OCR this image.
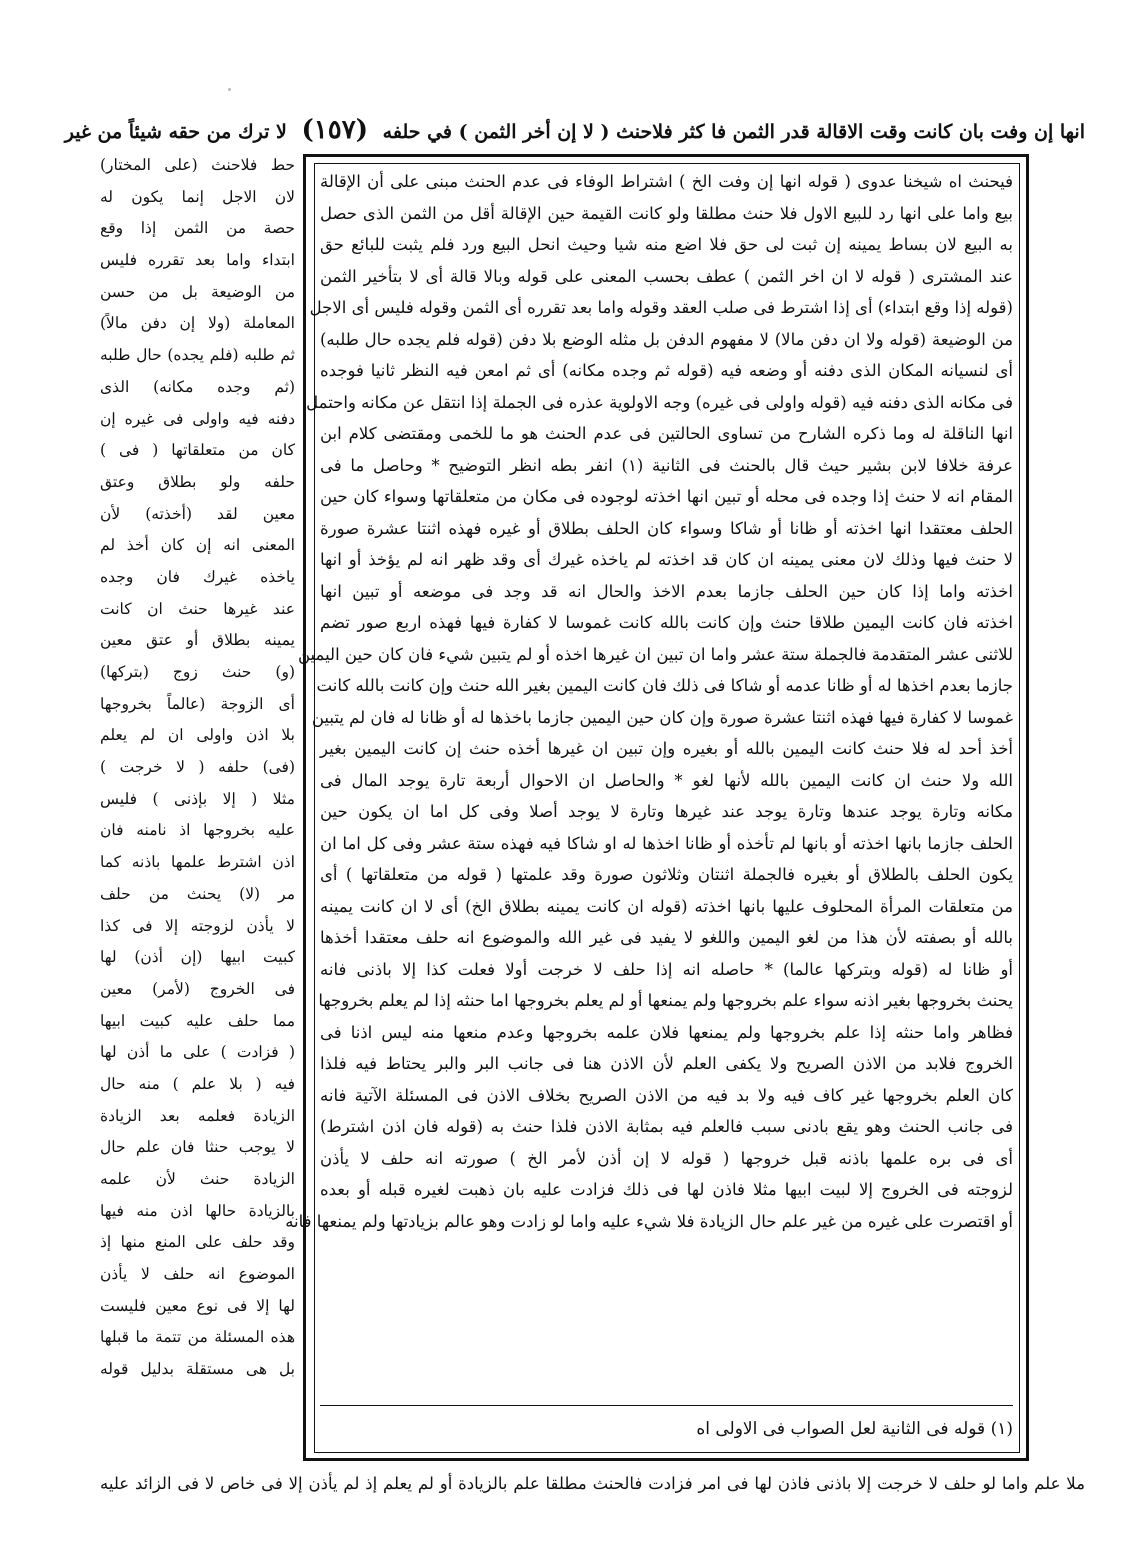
انها إن وفت بان كانت وقت الاقالة قدر الثمن فا كثر فلاحنث ( لا إن أخر الثمن ) في حلفه (١٥٧) لا ترك من حقه شيئاً من غير
فيحنث اه شيخنا عدوى ( قوله انها إن وفت الخ ) اشتراط الوفاء فى عدم الحنث مبنى على أن الإقالة
بيع واما على انها رد للبيع الاول فلا حنث مطلقا ولو كانت القيمة حين الإقالة أقل من الثمن الذى حصل
به البيع لان بساط يمينه إن ثبت لى حق فلا اضع منه شيا وحيث انحل البيع ورد فلم يثبت للبائع حق
عند المشترى ( قوله لا ان اخر الثمن ) عطف بحسب المعنى على قوله وبالا قالة أى لا بتأخير الثمن
(قوله إذا وقع ابتداء) أى إذا اشترط فى صلب العقد وقوله واما بعد تقرره أى الثمن وقوله فليس أى الاجل
من الوضيعة (قوله ولا ان دفن مالا) لا مفهوم الدفن بل مثله الوضع بلا دفن (قوله فلم يجده حال طلبه)
أى لنسيانه المكان الذى دفنه أو وضعه فيه (قوله ثم وجده مكانه) أى ثم امعن فيه النظر ثانيا فوجده
فى مكانه الذى دفنه فيه (قوله واولى فى غيره) وجه الاولوية عذره فى الجملة إذا انتقل عن مكانه واحتمل
انها الناقلة له وما ذكره الشارح من تساوى الحالتين فى عدم الحنث هو ما للخمى ومقتضى كلام ابن
عرفة خلافا لابن بشير حيث قال بالحنث فى الثانية (١) انفر بطه انظر التوضيح * وحاصل ما فى
المقام انه لا حنث إذا وجده فى محله أو تبين انها اخذته لوجوده فى مكان من متعلقاتها وسواء كان حين
الحلف معتقدا انها اخذته أو ظانا أو شاكا وسواء كان الحلف بطلاق أو غيره فهذه اثنتا عشرة صورة
لا حنث فيها وذلك لان معنى يمينه ان كان قد اخذته لم ياخذه غيرك أى وقد ظهر انه لم يؤخذ أو انها
اخذته واما إذا كان حين الحلف جازما بعدم الاخذ والحال انه قد وجد فى موضعه أو تبين انها
اخذته فان كانت اليمين طلاقا حنث وإن كانت بالله كانت غموسا لا كفارة فيها فهذه اربع صور تضم
للاثنى عشر المتقدمة فالجملة ستة عشر واما ان تبين ان غيرها اخذه أو لم يتبين شيء فان كان حين اليمين
جازما بعدم اخذها له أو ظانا عدمه أو شاكا فى ذلك فان كانت اليمين بغير الله حنث وإن كانت بالله كانت
غموسا لا كفارة فيها فهذه اثنتا عشرة صورة وإن كان حين اليمين جازما باخذها له أو ظانا له فان لم يتبين
أخذ أحد له فلا حنث كانت اليمين بالله أو بغيره وإن تبين ان غيرها أخذه حنث إن كانت اليمين بغير
الله ولا حنث ان كانت اليمين بالله لأنها لغو * والحاصل ان الاحوال أربعة تارة يوجد المال فى
مكانه وتارة يوجد عندها وتارة يوجد عند غيرها وتارة لا يوجد أصلا وفى كل اما ان يكون حين
الحلف جازما بانها اخذته أو بانها لم تأخذه أو ظانا اخذها له او شاكا فيه فهذه ستة عشر وفى كل اما ان
يكون الحلف بالطلاق أو بغيره فالجملة اثنتان وثلاثون صورة وقد علمتها ( قوله من متعلقاتها ) أى
من متعلقات المرأة المحلوف عليها بانها اخذته (قوله ان كانت يمينه بطلاق الخ) أى لا ان كانت يمينه
بالله أو بصفته لأن هذا من لغو اليمين واللغو لا يفيد فى غير الله والموضوع انه حلف معتقدا أخذها
أو ظانا له (قوله وبتركها عالما) * حاصله انه إذا حلف لا خرجت أولا فعلت كذا إلا باذنى فانه
يحنث بخروجها بغير اذنه سواء علم بخروجها ولم يمنعها أو لم يعلم بخروجها اما حنثه إذا لم يعلم بخروجها
فظاهر واما حنثه إذا علم بخروجها ولم يمنعها فلان علمه بخروجها وعدم منعها منه ليس اذنا فى
الخروج فلابد من الاذن الصريح ولا يكفى العلم لأن الاذن هنا فى جانب البر والبر يحتاط فيه فلذا
كان العلم بخروجها غير كاف فيه ولا بد فيه من الاذن الصريح بخلاف الاذن فى المسئلة الآتية فانه
فى جانب الحنث وهو يقع بادنى سبب فالعلم فيه بمثابة الاذن فلذا حنث به (قوله فان اذن اشترط)
أى فى بره علمها باذنه قبل خروجها ( قوله لا إن أذن لأمر الخ ) صورته انه حلف لا يأذن
لزوجته فى الخروج إلا لبيت ابيها مثلا فاذن لها فى ذلك فزادت عليه بان ذهبت لغيره قبله أو بعده
أو اقتصرت على غيره من غير علم حال الزيادة فلا شيء عليه واما لو زادت وهو عالم بزيادتها ولم يمنعها فانه
(١) قوله فى الثانية لعل الصواب فى الاولى اه
حط فلاحنث (على المختار)
لان الاجل إنما يكون له
حصة من الثمن إذا وقع
ابتداء واما بعد تقرره فليس
من الوضيعة بل من حسن
المعاملة (ولا إن دفن مالاً)
ثم طلبه (فلم يجده) حال طلبه
(ثم وجده مكانه) الذى
دفنه فيه واولى فى غيره إن
كان من متعلقاتها ( فى )
حلفه ولو بطلاق وعتق
معين لقد (أخذته) لأن
المعنى انه إن كان أخذ لم
ياخذه غيرك فان وجده
عند غيرها حنث ان كانت
يمينه بطلاق أو عتق معين
(و) حنث زوج (بتركها)
أى الزوجة (عالماً بخروجها
بلا اذن واولى ان لم يعلم
(فى) حلفه ( لا خرجت )
مثلا ( إلا بإذنى ) فليس
عليه بخروجها اذ نامنه فان
اذن اشترط علمها باذنه كما
مر (لا) يحنث من حلف
لا يأذن لزوجته إلا فى كذا
كبيت ابيها (إن أذن) لها
فى الخروج (لأمر) معين
مما حلف عليه كبيت ابيها
( فزادت ) على ما أذن لها
فيه ( بلا علم ) منه حال
الزيادة فعلمه بعد الزيادة
لا يوجب حنثا فان علم حال
الزيادة حنث لأن علمه
بالزيادة حالها اذن منه فيها
وقد حلف على المنع منها إذ
الموضوع انه حلف لا يأذن
لها إلا فى نوع معين فليست
هذه المسئلة من تتمة ما قبلها
بل هى مستقلة بدليل قوله
ملا علم واما لو حلف لا خرجت إلا باذنى فاذن لها فى امر فزادت فالحنث مطلقا علم بالزيادة أو لم يعلم إذ لم يأذن إلا فى خاص لا فى الزائد عليه
